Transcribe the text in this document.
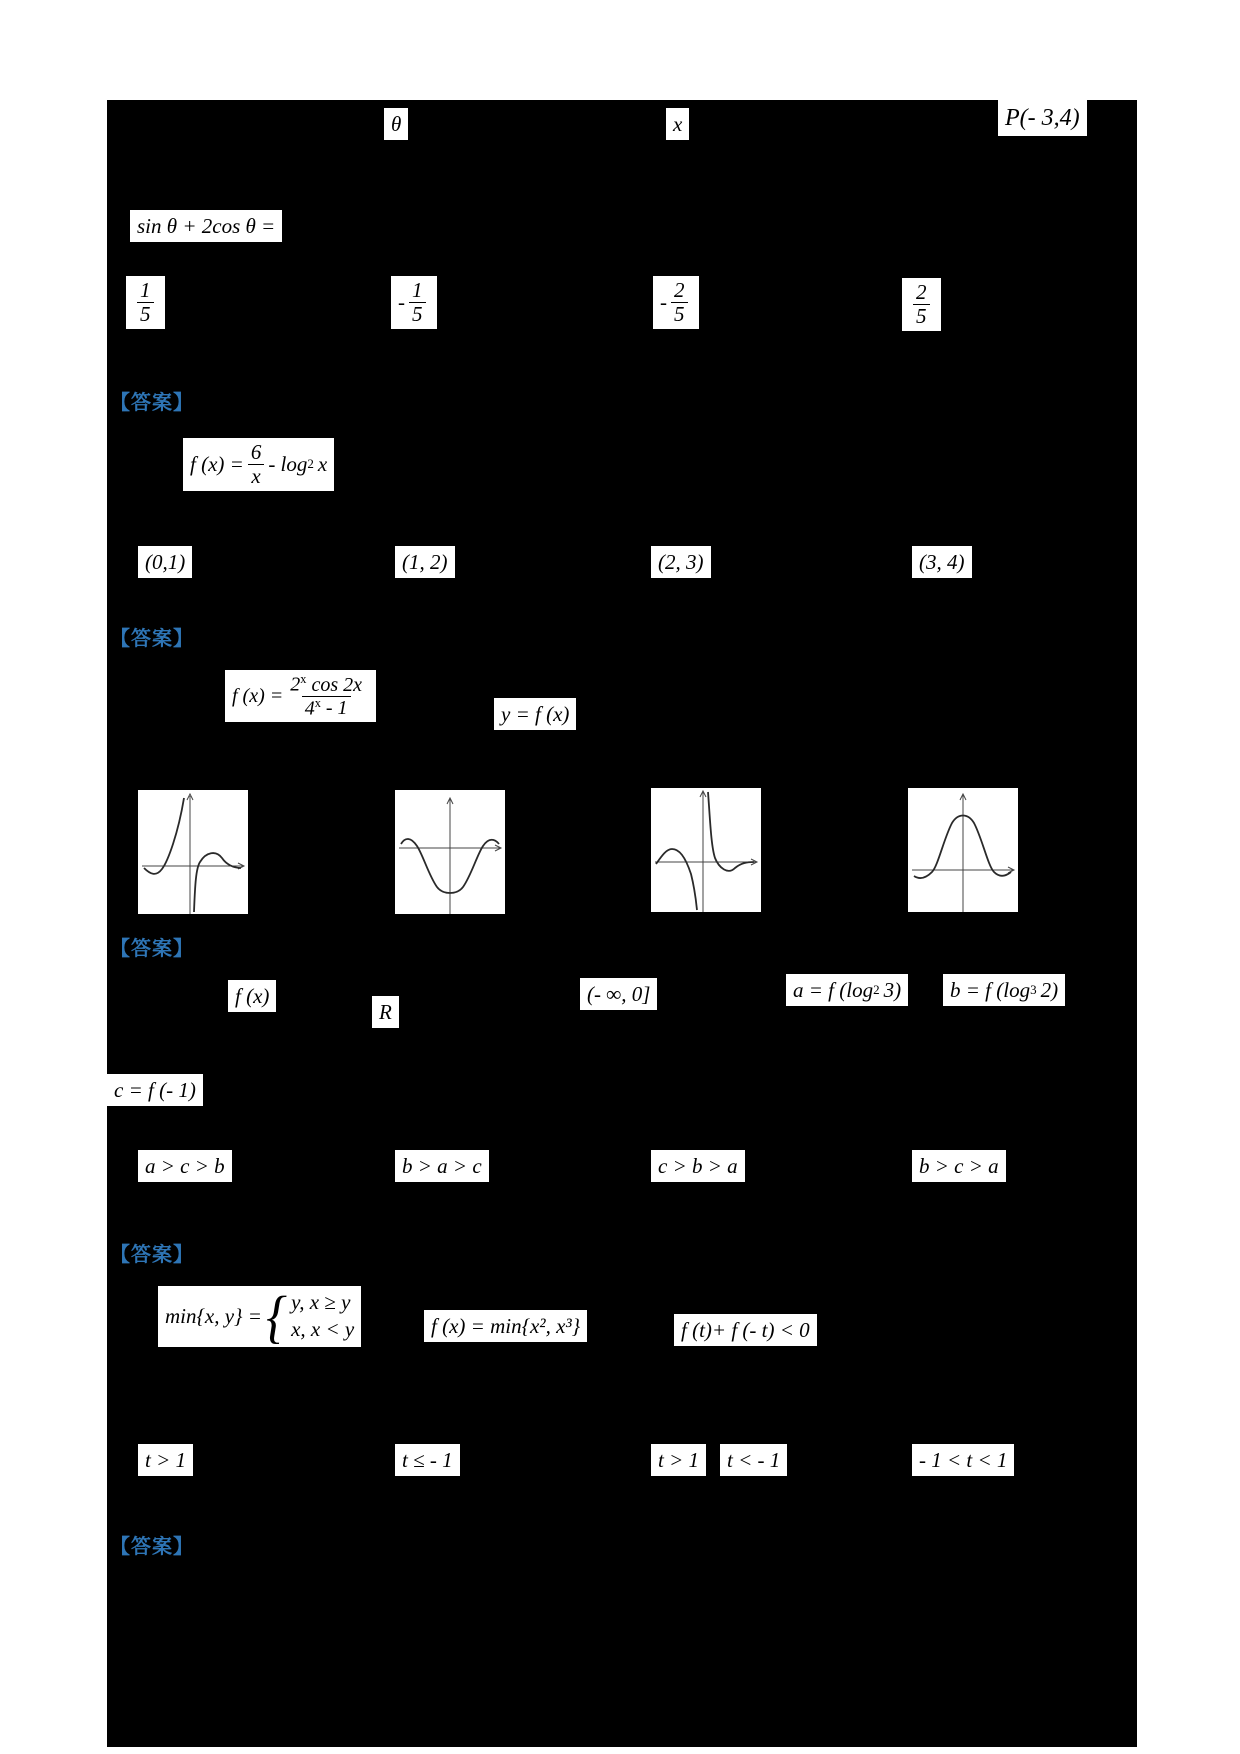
θ	x	P(- 3,4)
sin θ + 2cos θ =
$\frac{1}{5}$	- $\frac{1}{5}$	- $\frac{2}{5}$	$\frac{2}{5}$
【答案】
f $(x) = \frac{6}{x} - \log 2$ x
(0,1)	(1, 2)	(2, 3)	(3, 4)
【答案】
f $(x) = \frac{2^x \cos 2x}{4^x - 1}$	y = f (x)
【答案】
f (x)
R
(- ∞, 0]	a = f (log 2 3) b = f (log 3 2)
c = f (- 1)
a > c > b	b > a > c	c > b > a	b > c > a
【答案】
min{x, y} = { y, x ≥ y
x, x < y	f (x) = min{x², x³}	f (t)+ f (- t) < 0
t > 1	t ≤ - 1	t > 1 t < - 1	- 1 < t < 1
【答案】
